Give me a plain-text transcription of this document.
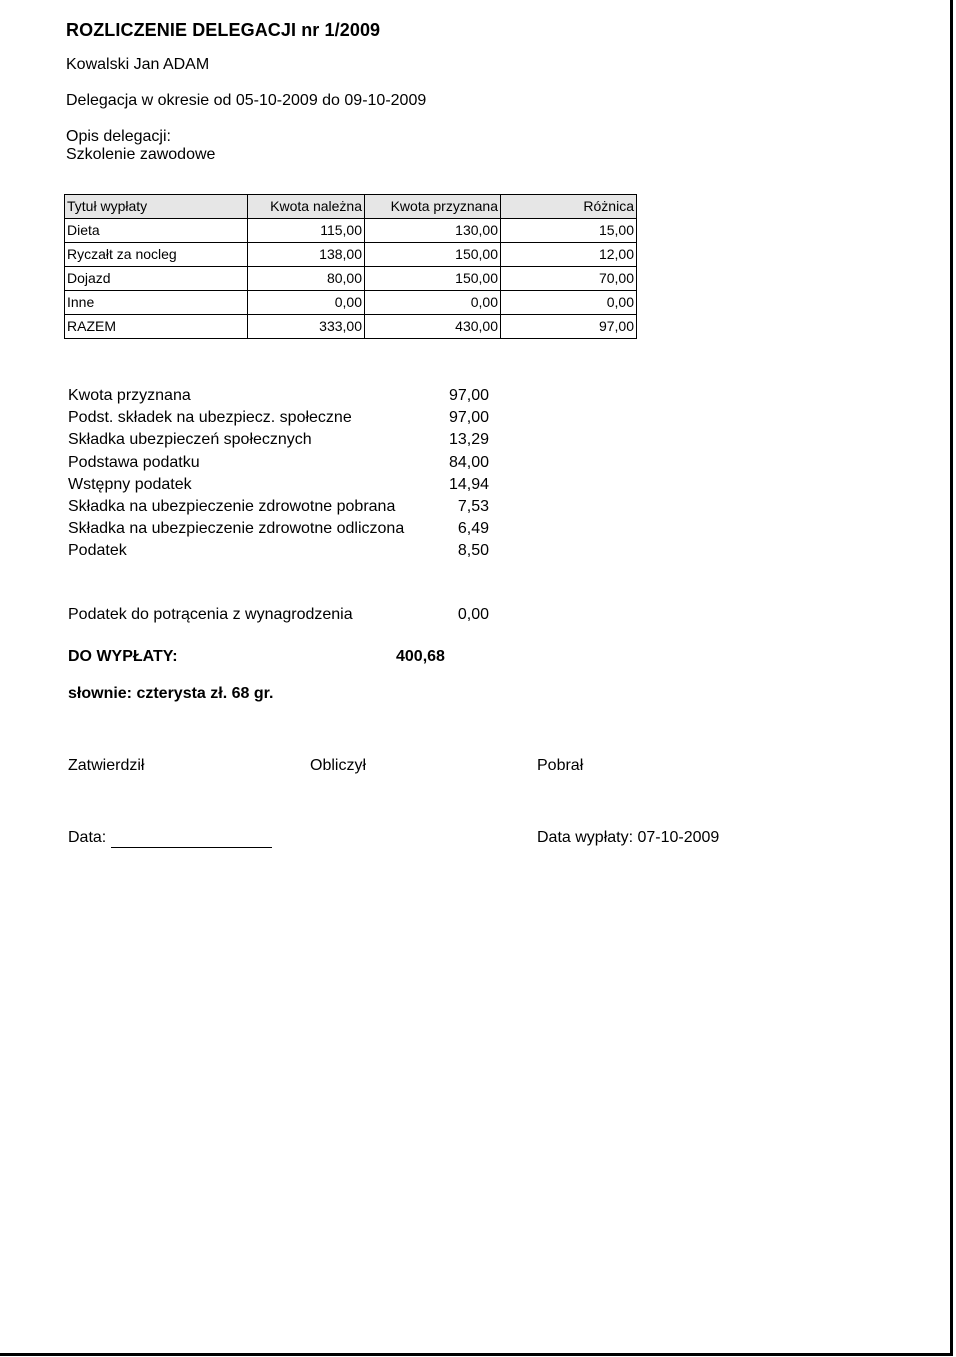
ROZLICZENIE DELEGACJI nr 1/2009
Kowalski Jan ADAM
Delegacja w okresie od 05-10-2009 do 09-10-2009
Opis delegacji:
Szkolenie zawodowe
Tytuł wypłaty	Kwota należna	Kwota przyznana	Różnica
Dieta	115,00	130,00	15,00
Ryczałt za nocleg	138,00	150,00	12,00
Dojazd	80,00	150,00	70,00
Inne	0,00	0,00	0,00
RAZEM	333,00	430,00	97,00
Kwota przyznana	97,00
Podst. składek na ubezpiecz. społeczne	97,00
Składka ubezpieczeń społecznych	13,29
Podstawa podatku	84,00
Wstępny podatek	14,94
Składka na ubezpieczenie zdrowotne pobrana	7,53
Składka na ubezpieczenie zdrowotne odliczona	6,49
Podatek	8,50
Podatek do potrącenia z wynagrodzenia	0,00
DO WYPŁATY:	400,68
słownie: czterysta zł. 68 gr.
Zatwierdził	Obliczył	Pobrał
Data:	Data wypłaty: 07-10-2009
